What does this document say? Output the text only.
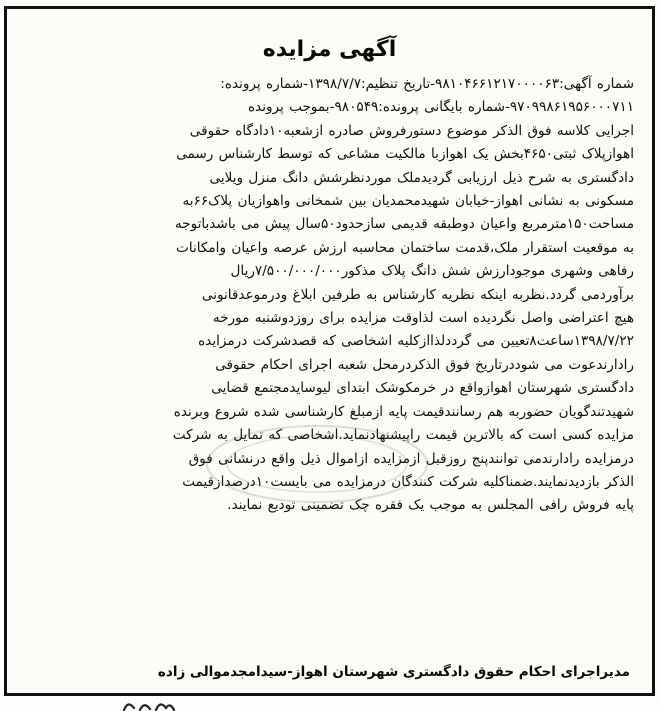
آگهی مزایده
شماره آگهی:۹۸۱۰۴۶۶۱۲۱۷۰۰۰۰۶۳-تاریخ تنظیم:۱۳۹۸/۷/۷-شماره پرونده:
۹۷۰۹۹۸۶۱۹۵۶۰۰۰۷۱۱-شماره بایگانی پرونده:۹۸۰۵۴۹-بموجب پرونده
اجرایی کلاسه فوق الذکر موضوع دستورفروش صادره ازشعبه۱۰دادگاه حقوقی
اهوازپلاک ثبتی۴۶۵۰بخش یک اهوازبا مالکیت مشاعی که توسط کارشناس رسمی
دادگستری به شرح ذیل ارزیابی گردیدملک موردنظرشش دانگ منزل ویلایی
مسکونی به نشانی اهواز-خیابان شهیدمحمدیان بین شمخانی واهوازیان پلاک۶۶به
مساحت۱۵۰مترمربع واعیان دوطبقه قدیمی سازحدود۵۰سال پیش می باشدباتوجه
به موقعیت استقرار ملک،قدمت ساختمان محاسبه ارزش عرصه واعیان وامکانات
رفاهی وشهری موجودارزش شش دانگ پلاک مذکور۷/۵۰۰/۰۰۰/۰۰۰ریال
برآوردمی گردد.نظربه اینکه نظریه کارشناس به طرفین ابلاغ ودرموعدقانونی
هیچ اعتراضی واصل نگردیده است لذاوقت مزایده برای روزدوشنبه مورخه
۱۳۹۸/۷/۲۲ساعت۸تعیین می گرددلذاازکلیه اشخاصی که قصدشرکت درمزایده
رادارندعوت می شوددرتاریخ فوق الذکردرمحل شعبه اجرای احکام حقوقی
دادگستری شهرستان اهوازواقع در خرمکوشک ابتدای لیوسایدمجتمع قضایی
شهیدتندگویان حضوربه هم رسانندقیمت پایه ازمبلغ کارشناسی شده شروع وبرنده
مزایده کسی است که بالاترین قیمت راپیشنهادنماید.اشخاصی که تمایل به شرکت
درمزایده رادارندمی توانندپنج روزقبل ازمزایده ازاموال ذیل واقع درنشانی فوق
الذکر بازدیدنمایند.ضمناکلیه شرکت کنندگان درمزایده می بایست۱۰درصدازقیمت
پایه فروش رافی المجلس به موجب یک فقره چک تضمینی تودیع نمایند.
مدیراجرای احکام حقوق دادگستری شهرستان اهواز-سیدامجدموالی زاده
